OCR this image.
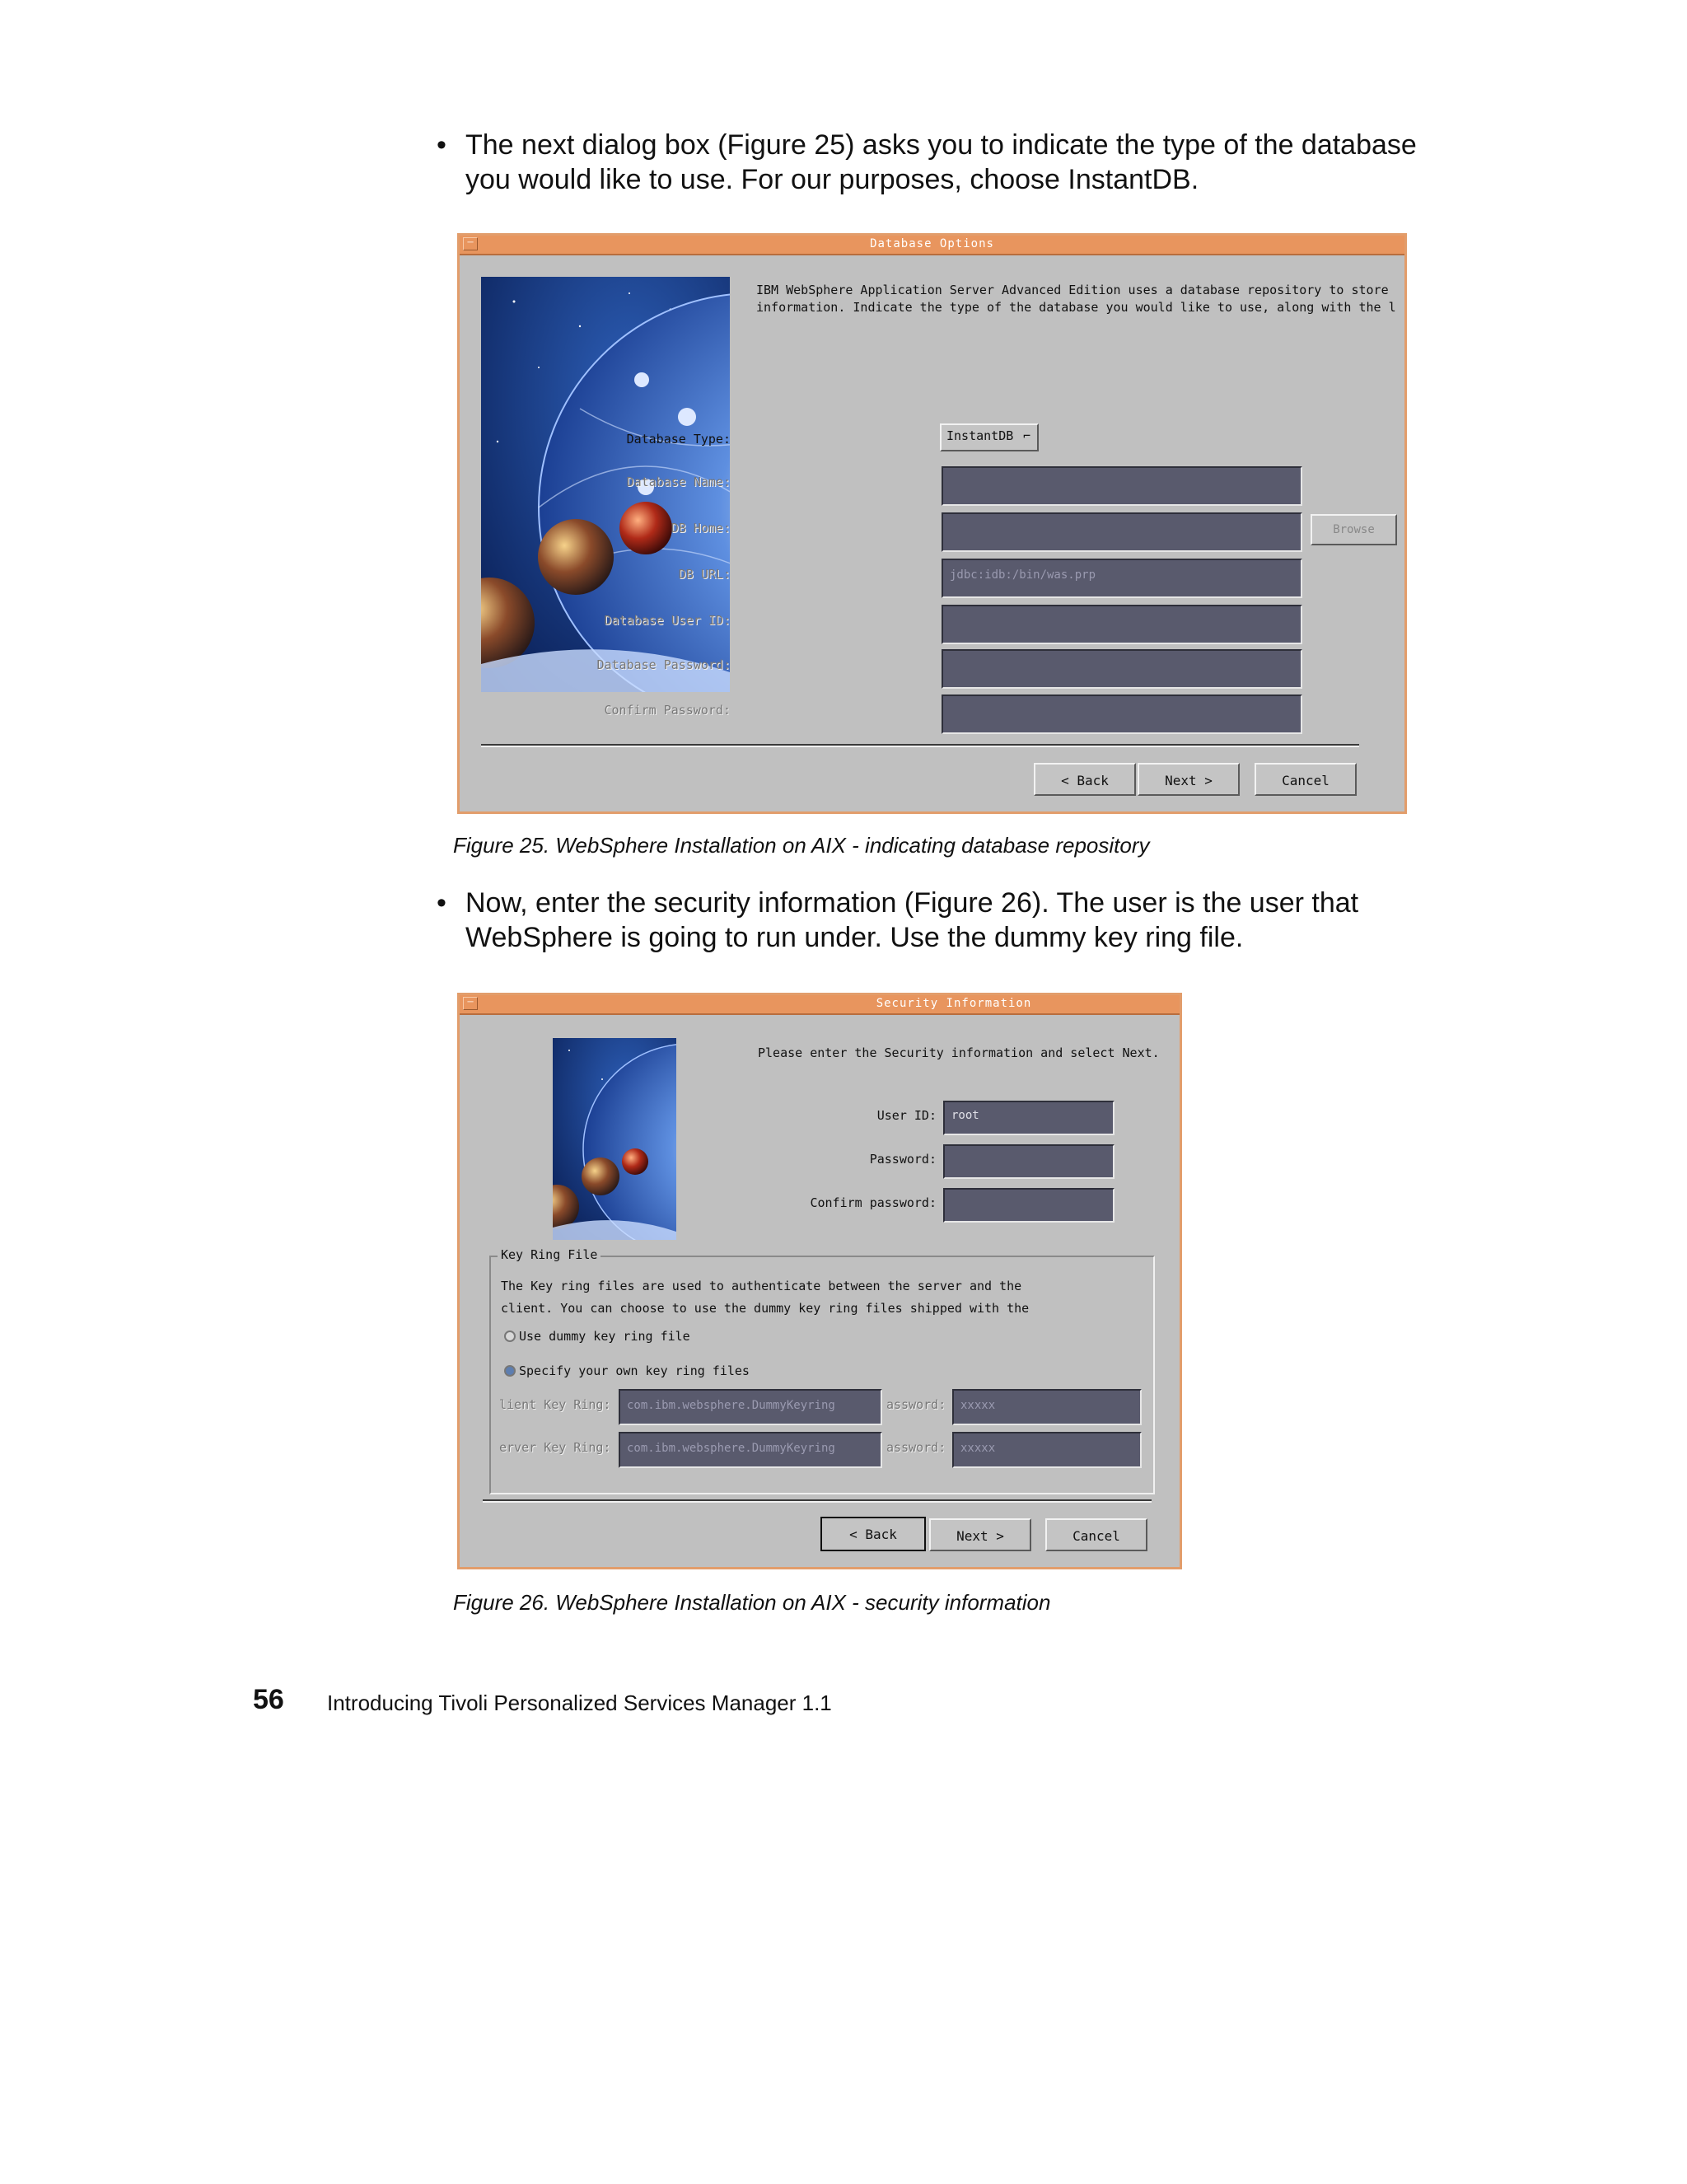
• The next dialog box (Figure 25) asks you to indicate the type of the database you would like to use. For our purposes, choose InstantDB.
─	Database Options
IBM WebSphere Application Server Advanced Edition uses a database repository to store
information. Indicate the type of the database you would like to use, along with the l
Database Type:	InstantDB ⌐
Database Name:
DB Home:	Browse
DB URL:	jdbc:idb:/bin/was.prp
Database User ID:
Database Password:
Confirm Password:
< Back	Next >	Cancel
Figure 25. WebSphere Installation on AIX - indicating database repository
• Now, enter the security information (Figure 26). The user is the user that WebSphere is going to run under. Use the dummy key ring file.
─	Security Information
Please enter the Security information and select Next.
User ID:	root
Password:
Confirm password:
Key Ring File
The Key ring files are used to authenticate between the server and the
client. You can choose to use the dummy key ring files shipped with the
Use dummy key ring file
Specify your own key ring files
lient Key Ring:	com.ibm.websphere.DummyKeyring	assword:	xxxxx
erver Key Ring:	com.ibm.websphere.DummyKeyring	assword:	xxxxx
< Back	Next >	Cancel
Figure 26. WebSphere Installation on AIX - security information
56 Introducing Tivoli Personalized Services Manager 1.1
